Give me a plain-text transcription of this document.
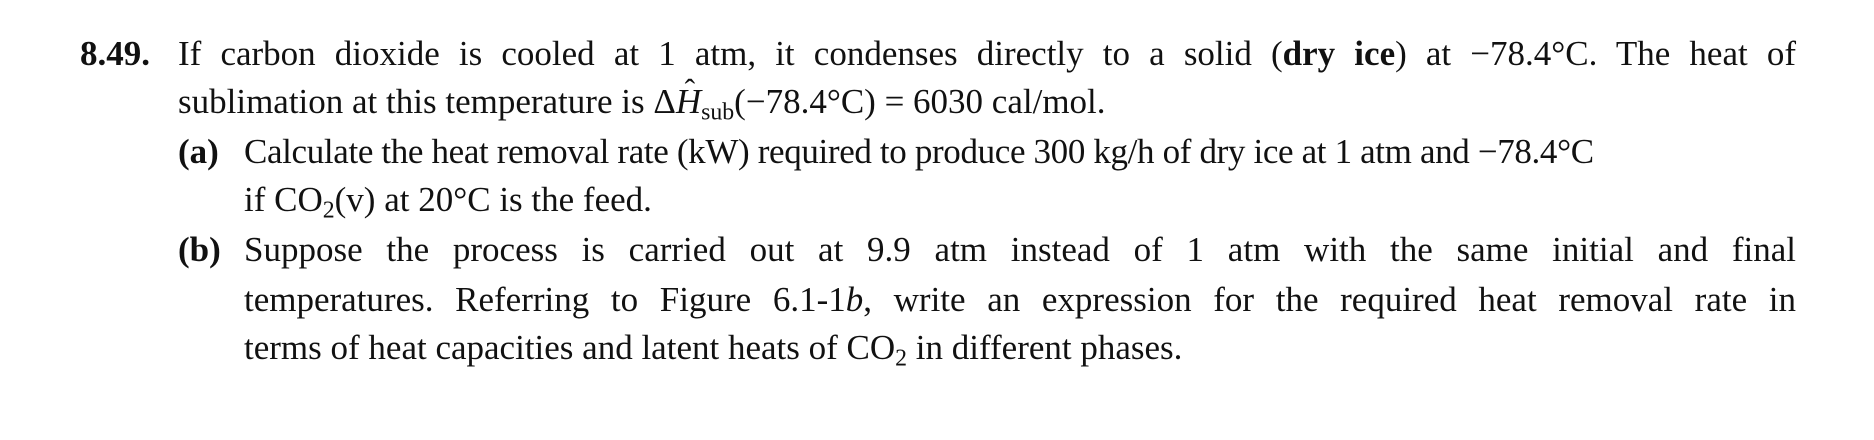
8.49. If carbon dioxide is cooled at 1 atm, it condenses directly to a solid (dry ice) at −78.4°C. The heat of
sublimation at this temperature is Δˆ $H_{sub}(-78.4^\circ C) = 6030$ cal/mol.
(a) Calculate the heat removal rate (kW) required to produce 300 kg/h of dry ice at 1 atm and −78.4°C
if $CO_2(v)$ at 20°C is the feed.
(b) Suppose the process is carried out at 9.9 atm instead of 1 atm with the same initial and final
temperatures. Referring to Figure 6.1-1b, write an expression for the required heat removal rate in
terms of heat capacities and latent heats of $CO_2$ in different phases.
